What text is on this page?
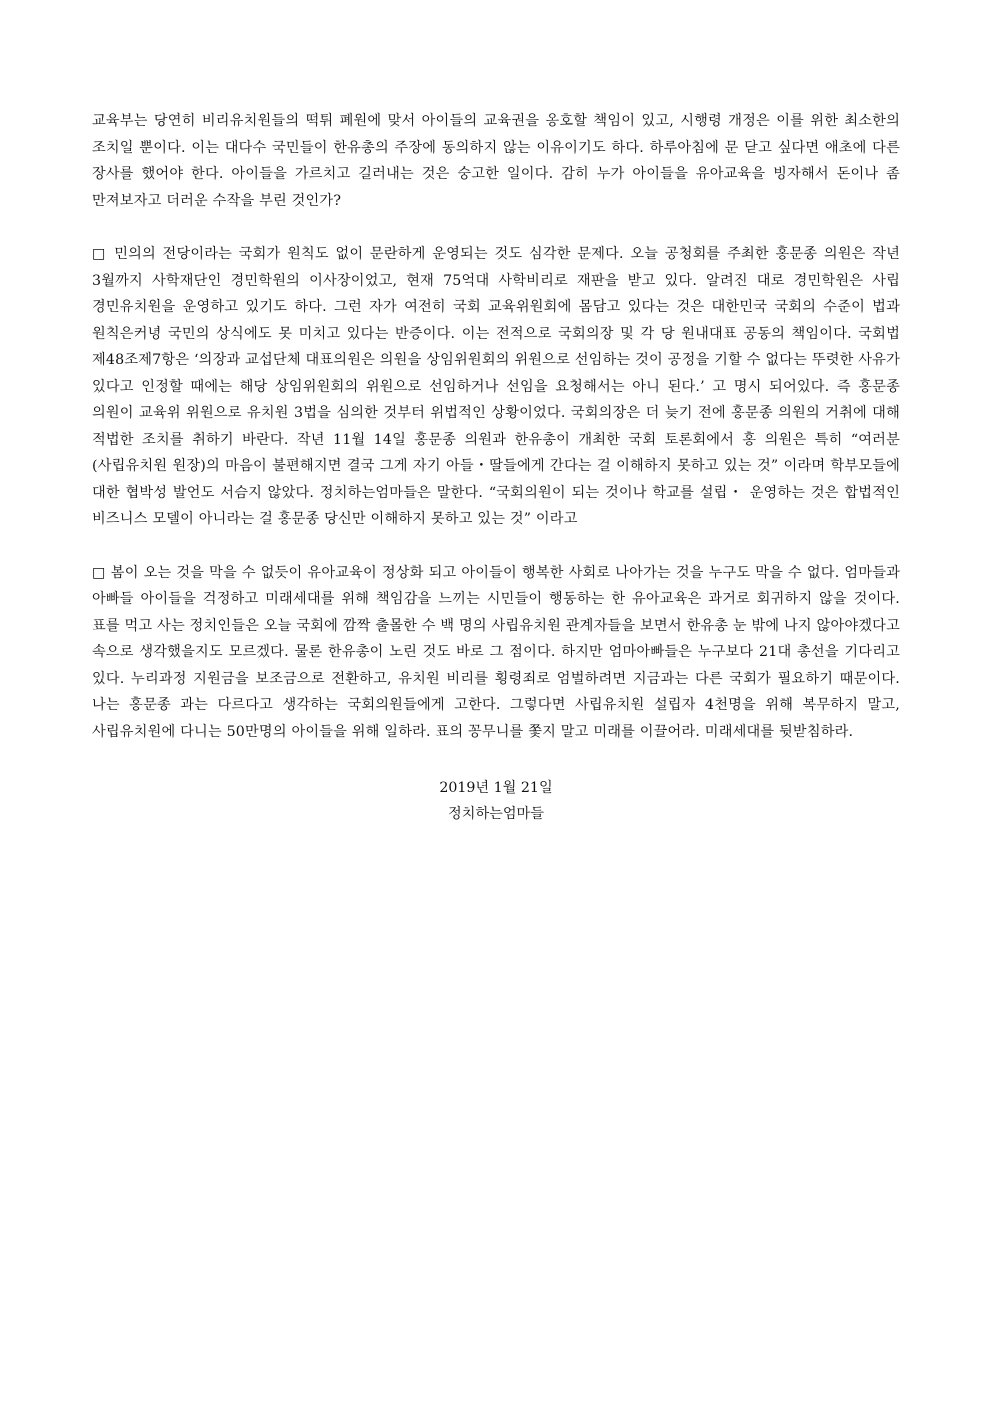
교육부는 당연히 비리유치원들의 떡튀 폐원에 맞서 아이들의 교육권을 옹호할 책임이 있고, 시행령 개정은 이를 위한 최소한의 조치일 뿐이다. 이는 대다수 국민들이 한유총의 주장에 동의하지 않는 이유이기도 하다. 하루아침에 문 닫고 싶다면 애초에 다른 장사를 했어야 한다. 아이들을 가르치고 길러내는 것은 숭고한 일이다. 감히 누가 아이들을 유아교육을 빙자해서 돈이나 좀 만져보자고 더러운 수작을 부린 것인가?

□ 민의의 전당이라는 국회가 원칙도 없이 문란하게 운영되는 것도 심각한 문제다. 오늘 공청회를 주최한 홍문종 의원은 작년 3월까지 사학재단인 경민학원의 이사장이었고, 현재 75억대 사학비리로 재판을 받고 있다. 알려진 대로 경민학원은 사립 경민유치원을 운영하고 있기도 하다. 그런 자가 여전히 국회 교육위원회에 몸담고 있다는 것은 대한민국 국회의 수준이 법과 원칙은커녕 국민의 상식에도 못 미치고 있다는 반증이다. 이는 전적으로 국회의장 및 각 당 원내대표 공동의 책임이다. 국회법 제48조제7항은 ‘의장과 교섭단체 대표의원은 의원을 상임위원회의 위원으로 선임하는 것이 공정을 기할 수 없다는 뚜렷한 사유가 있다고 인정할 때에는 해당 상임위원회의 위원으로 선임하거나 선임을 요청해서는 아니 된다.’ 고 명시 되어있다. 즉 홍문종 의원이 교육위 위원으로 유치원 3법을 심의한 것부터 위법적인 상황이었다. 국회의장은 더 늦기 전에 홍문종 의원의 거취에 대해 적법한 조치를 취하기 바란다. 작년 11월 14일 홍문종 의원과 한유총이 개최한 국회 토론회에서 홍 의원은 특히 “여러분(사립유치원 원장)의 마음이 불편해지면 결국 그게 자기 아들・딸들에게 간다는 걸 이해하지 못하고 있는 것” 이라며 학부모들에 대한 협박성 발언도 서슴지 않았다. 정치하는엄마들은 말한다. “국회의원이 되는 것이나 학교를 설립・ 운영하는 것은 합법적인 비즈니스 모델이 아니라는 걸 홍문종 당신만 이해하지 못하고 있는 것” 이라고

□ 봄이 오는 것을 막을 수 없듯이 유아교육이 정상화 되고 아이들이 행복한 사회로 나아가는 것을 누구도 막을 수 없다. 엄마들과 아빠들 아이들을 걱정하고 미래세대를 위해 책임감을 느끼는 시민들이 행동하는 한 유아교육은 과거로 회귀하지 않을 것이다. 표를 먹고 사는 정치인들은 오늘 국회에 깜짝 출몰한 수 백 명의 사립유치원 관계자들을 보면서 한유총 눈 밖에 나지 않아야겠다고 속으로 생각했을지도 모르겠다. 물론 한유총이 노린 것도 바로 그 점이다. 하지만 엄마아빠들은 누구보다 21대 총선을 기다리고 있다. 누리과정 지원금을 보조금으로 전환하고, 유치원 비리를 횡령죄로 엄벌하려면 지금과는 다른 국회가 필요하기 때문이다. 나는 홍문종 과는 다르다고 생각하는 국회의원들에게 고한다. 그렇다면 사립유치원 설립자 4천명을 위해 복무하지 말고, 사립유치원에 다니는 50만명의 아이들을 위해 일하라. 표의 꽁무니를 쫓지 말고 미래를 이끌어라. 미래세대를 뒷받침하라.

2019년 1월 21일
정치하는엄마들
